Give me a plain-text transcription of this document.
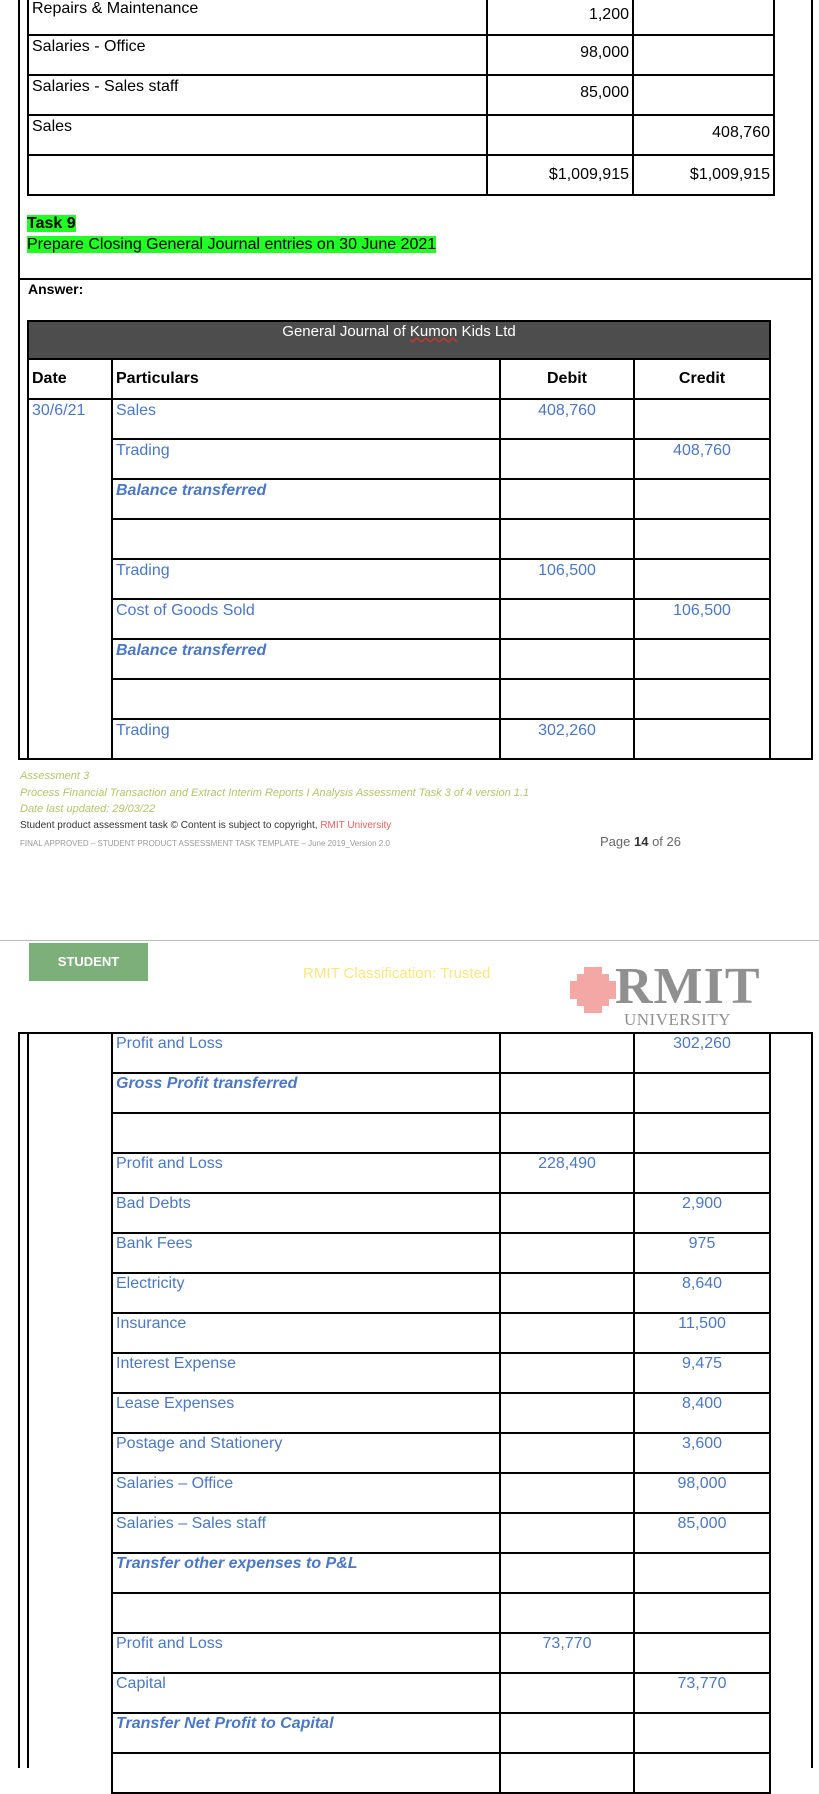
Repairs & Maintenance	1,200	
Salaries - Office	98,000	
Salaries - Sales staff	85,000	
Sales		408,760
	$1,009,915	$1,009,915
Task 9
Prepare Closing General Journal entries on 30 June 2021
Answer:
General Journal of Kumon Kids Ltd			
Date	Particulars	Debit	Credit
30/6/21	Sales	408,760	
	Trading		408,760
	Balance transferred		

	Trading	106,500	
	Cost of Goods Sold		106,500
	Balance transferred		

	Trading	302,260	
Assessment 3
Process Financial Transaction and Extract Interim Reports I Analysis Assessment Task 3 of 4 version 1.1
Date last updated: 29/03/22
Student product assessment task © Content is subject to copyright, RMIT University
FINAL APPROVED – STUDENT PRODUCT ASSESSMENT TASK TEMPLATE – June 2019_Version 2.0	Page 14 of 26
STUDENT
RMIT Classification: Trusted RMIT
UNIVERSITY
Profit and Loss		302,260
Gross Profit transferred		

Profit and Loss	228,490	
Bad Debts		2,900
Bank Fees		975
Electricity		8,640
Insurance		11,500
Interest Expense		9,475
Lease Expenses		8,400
Postage and Stationery		3,600
Salaries – Office		98,000
Salaries – Sales staff		85,000
Transfer other expenses to P&L		

Profit and Loss	73,770	
Capital		73,770
Transfer Net Profit to Capital		
